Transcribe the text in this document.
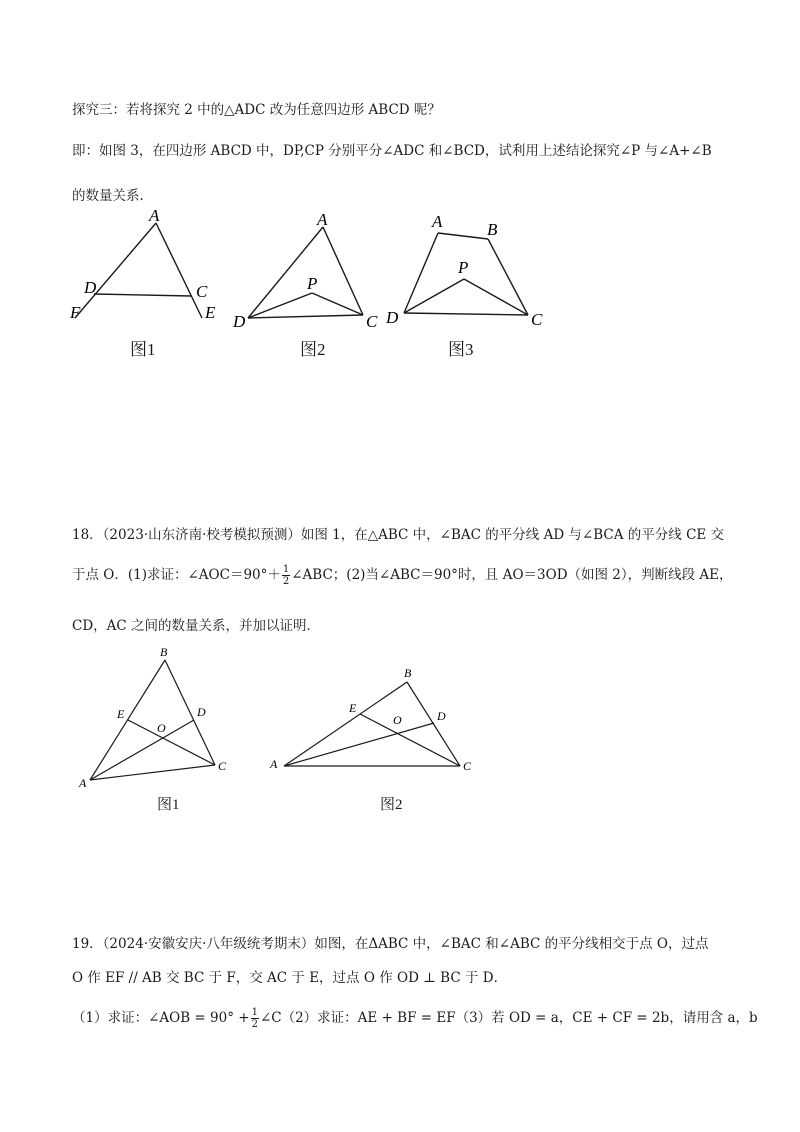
探究三：若将探究 2 中的△ADC 改为任意四边形 ABCD 呢？
即：如图 3，在四边形 ABCD 中，DP,CP 分别平分∠ADC 和∠BCD，试利用上述结论探究∠P 与∠A+∠B
的数量关系．
A
D	C
F	E
图1
A
P
D	C
图2
A	B
P
D	C
图3
18．（2023·山东济南·校考模拟预测）如图 1，在△ABC 中，∠BAC 的平分线 AD 与∠BCA 的平分线 CE 交
于点 O．(1)求证：∠AOC＝90°＋ $\frac{1}{2}$ ∠ABC；(2)当∠ABC＝90°时，且 AO＝3OD（如图 2），判断线段 AE，
CD，AC 之间的数量关系，并加以证明．
B
E	D
O
A
C
图1
B
E
D
O
A	C
图2
19．（2024·安徽安庆·八年级统考期末）如图，在ΔABC 中，∠BAC 和∠ABC 的平分线相交于点 O，过点
O 作 EF // AB 交 BC 于 F，交 AC 于 E，过点 O 作 OD ⊥ BC 于 D．
（1）求证：∠AOB = $90^\circ + \frac{1}{2}$ ∠C（2）求证：AE + BF = EF（3）若 OD = a，CE + CF = 2b，请用含 a，b
